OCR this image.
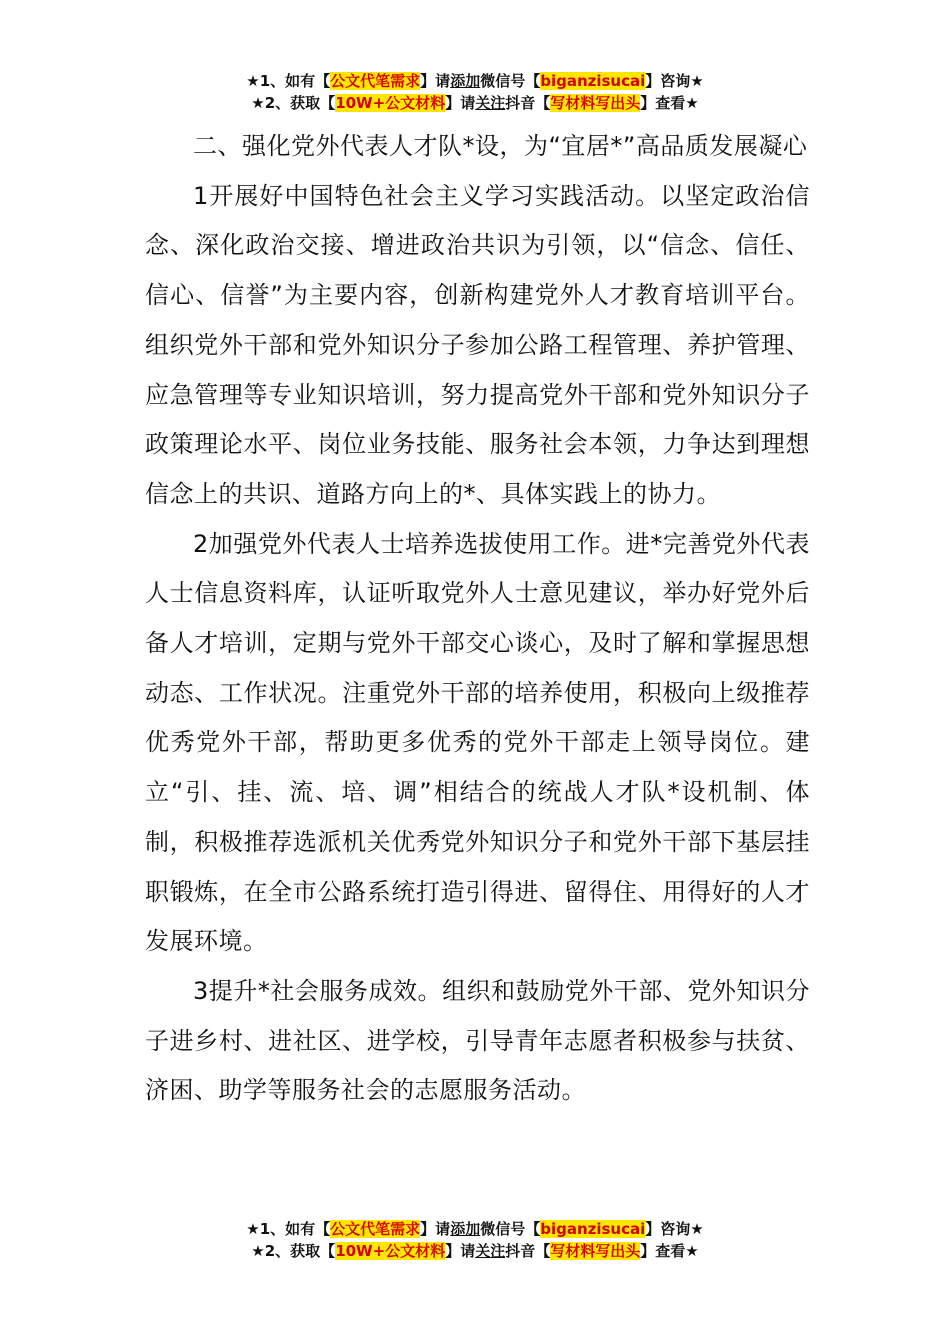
★1、如有【公文代笔需求】请添加微信号【biganzisucai】咨询★
★2、获取【10W+公文材料】请关注抖音【写材料写出头】查看★

二、强化党外代表人才队*设，为“宜居*”高品质发展凝心

1开展好中国特色社会主义学习实践活动。以坚定政治信念、深化政治交接、增进政治共识为引领，以“信念、信任、信心、信誉”为主要内容，创新构建党外人才教育培训平台。组织党外干部和党外知识分子参加公路工程管理、养护管理、应急管理等专业知识培训，努力提高党外干部和党外知识分子政策理论水平、岗位业务技能、服务社会本领，力争达到理想信念上的共识、道路方向上的*、具体实践上的协力。

2加强党外代表人士培养选拔使用工作。进*完善党外代表人士信息资料库，认证听取党外人士意见建议，举办好党外后备人才培训，定期与党外干部交心谈心，及时了解和掌握思想动态、工作状况。注重党外干部的培养使用，积极向上级推荐优秀党外干部，帮助更多优秀的党外干部走上领导岗位。建立“引、挂、流、培、调”相结合的统战人才队*设机制、体制，积极推荐选派机关优秀党外知识分子和党外干部下基层挂职锻炼，在全市公路系统打造引得进、留得住、用得好的人才发展环境。

3提升*社会服务成效。组织和鼓励党外干部、党外知识分子进乡村、进社区、进学校，引导青年志愿者积极参与扶贫、济困、助学等服务社会的志愿服务活动。

★1、如有【公文代笔需求】请添加微信号【biganzisucai】咨询★
★2、获取【10W+公文材料】请关注抖音【写材料写出头】查看★
